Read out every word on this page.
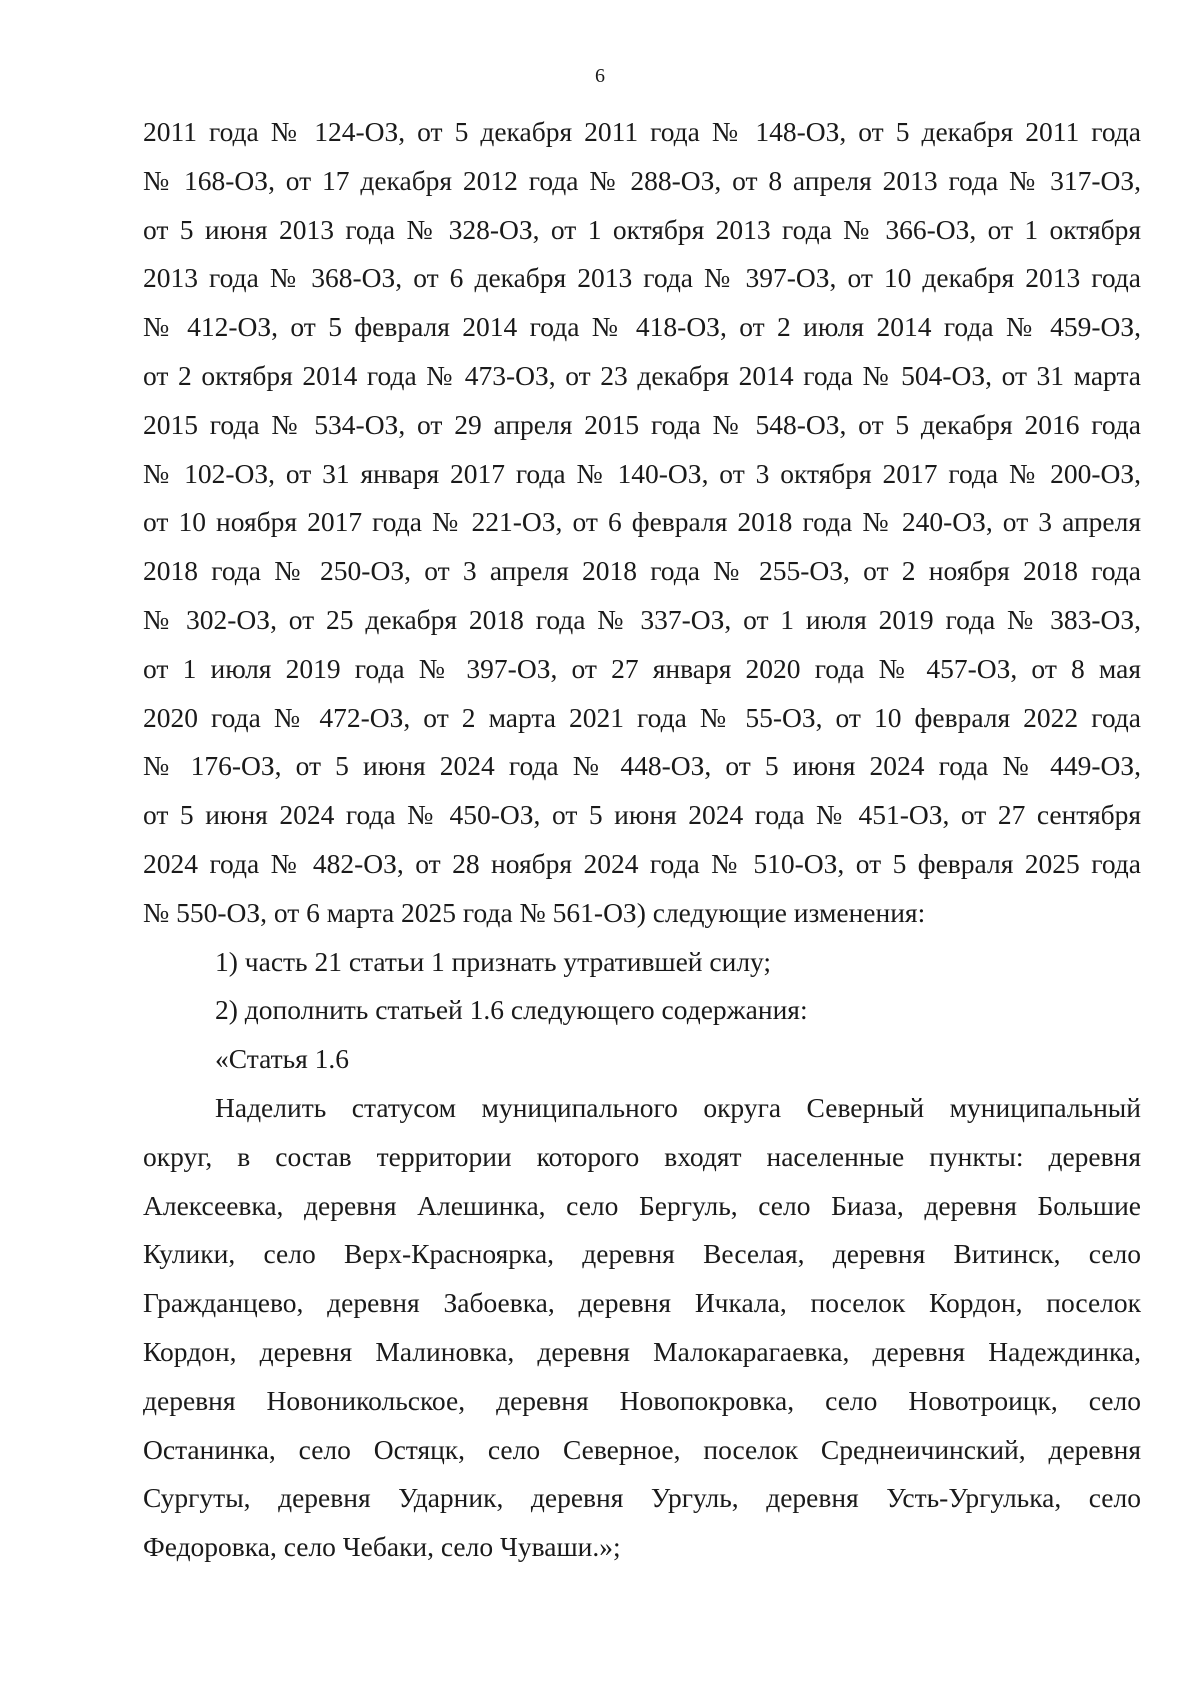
6
2011 года № 124-ОЗ, от 5 декабря 2011 года № 148-ОЗ, от 5 декабря 2011 года
№ 168-ОЗ, от 17 декабря 2012 года № 288-ОЗ, от 8 апреля 2013 года № 317-ОЗ,
от 5 июня 2013 года № 328-ОЗ, от 1 октября 2013 года № 366-ОЗ, от 1 октября
2013 года № 368-ОЗ, от 6 декабря 2013 года № 397-ОЗ, от 10 декабря 2013 года
№ 412-ОЗ, от 5 февраля 2014 года № 418-ОЗ, от 2 июля 2014 года № 459-ОЗ,
от 2 октября 2014 года № 473-ОЗ, от 23 декабря 2014 года № 504-ОЗ, от 31 марта
2015 года № 534-ОЗ, от 29 апреля 2015 года № 548-ОЗ, от 5 декабря 2016 года
№ 102-ОЗ, от 31 января 2017 года № 140-ОЗ, от 3 октября 2017 года № 200-ОЗ,
от 10 ноября 2017 года № 221-ОЗ, от 6 февраля 2018 года № 240-ОЗ, от 3 апреля
2018 года № 250-ОЗ, от 3 апреля 2018 года № 255-ОЗ, от 2 ноября 2018 года
№ 302-ОЗ, от 25 декабря 2018 года № 337-ОЗ, от 1 июля 2019 года № 383-ОЗ,
от 1 июля 2019 года № 397-ОЗ, от 27 января 2020 года № 457-ОЗ, от 8 мая
2020 года № 472-ОЗ, от 2 марта 2021 года № 55-ОЗ, от 10 февраля 2022 года
№ 176-ОЗ, от 5 июня 2024 года № 448-ОЗ, от 5 июня 2024 года № 449-ОЗ,
от 5 июня 2024 года № 450-ОЗ, от 5 июня 2024 года № 451-ОЗ, от 27 сентября
2024 года № 482-ОЗ, от 28 ноября 2024 года № 510-ОЗ, от 5 февраля 2025 года
№ 550-ОЗ, от 6 марта 2025 года № 561-ОЗ) следующие изменения:
1) часть 21 статьи 1 признать утратившей силу;
2) дополнить статьей 1.6 следующего содержания:
«Статья 1.6
Наделить статусом муниципального округа Северный муниципальный
округ, в состав территории которого входят населенные пункты: деревня
Алексеевка, деревня Алешинка, село Бергуль, село Биаза, деревня Большие
Кулики, село Верх-Красноярка, деревня Веселая, деревня Витинск, село
Гражданцево, деревня Забоевка, деревня Ичкала, поселок Кордон, поселок
Кордон, деревня Малиновка, деревня Малокарагаевка, деревня Надеждинка,
деревня Новоникольское, деревня Новопокровка, село Новотроицк, село
Останинка, село Остяцк, село Северное, поселок Среднеичинский, деревня
Сургуты, деревня Ударник, деревня Ургуль, деревня Усть-Ургулька, село
Федоровка, село Чебаки, село Чуваши.»;
